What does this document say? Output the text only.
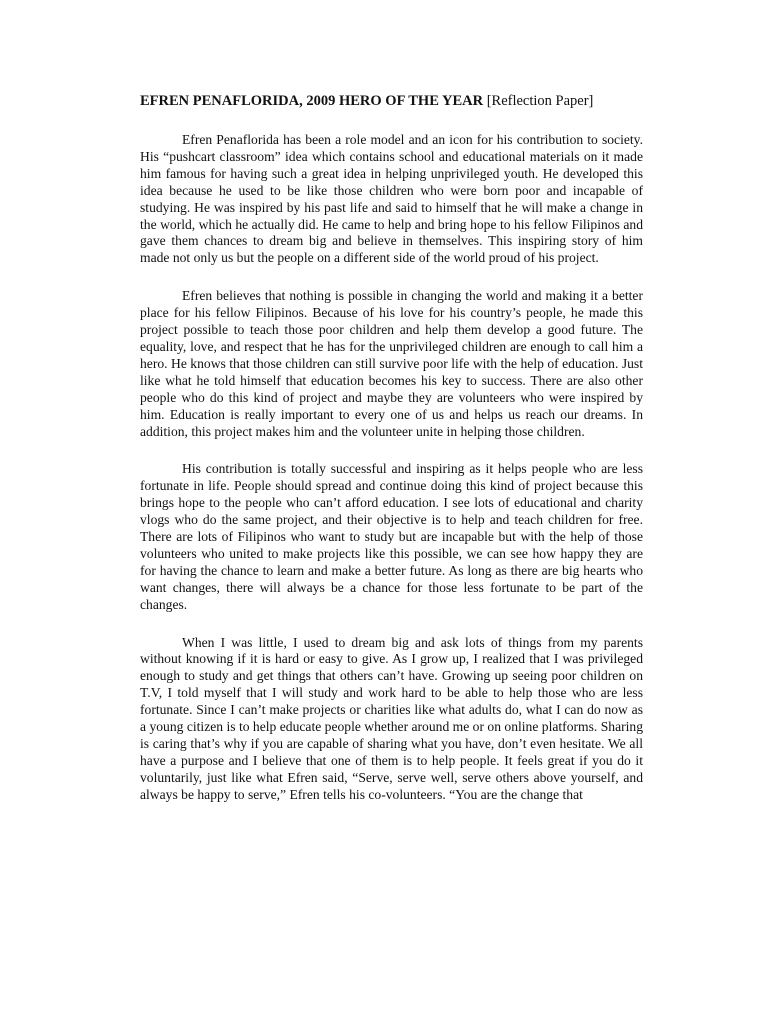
EFREN PENAFLORIDA, 2009 HERO OF THE YEAR [Reflection Paper]

Efren Penaflorida has been a role model and an icon for his contribution to society. His “pushcart classroom” idea which contains school and educational materials on it made him famous for having such a great idea in helping unprivileged youth. He developed this idea because he used to be like those children who were born poor and incapable of studying. He was inspired by his past life and said to himself that he will make a change in the world, which he actually did. He came to help and bring hope to his fellow Filipinos and gave them chances to dream big and believe in themselves. This inspiring story of him made not only us but the people on a different side of the world proud of his project.

Efren believes that nothing is possible in changing the world and making it a better place for his fellow Filipinos. Because of his love for his country’s people, he made this project possible to teach those poor children and help them develop a good future. The equality, love, and respect that he has for the unprivileged children are enough to call him a hero. He knows that those children can still survive poor life with the help of education. Just like what he told himself that education becomes his key to success. There are also other people who do this kind of project and maybe they are volunteers who were inspired by him. Education is really important to every one of us and helps us reach our dreams. In addition, this project makes him and the volunteer unite in helping those children.

His contribution is totally successful and inspiring as it helps people who are less fortunate in life. People should spread and continue doing this kind of project because this brings hope to the people who can’t afford education. I see lots of educational and charity vlogs who do the same project, and their objective is to help and teach children for free. There are lots of Filipinos who want to study but are incapable but with the help of those volunteers who united to make projects like this possible, we can see how happy they are for having the chance to learn and make a better future. As long as there are big hearts who want changes, there will always be a chance for those less fortunate to be part of the changes.

When I was little, I used to dream big and ask lots of things from my parents without knowing if it is hard or easy to give. As I grow up, I realized that I was privileged enough to study and get things that others can’t have. Growing up seeing poor children on T.V, I told myself that I will study and work hard to be able to help those who are less fortunate. Since I can’t make projects or charities like what adults do, what I can do now as a young citizen is to help educate people whether around me or on online platforms. Sharing is caring that’s why if you are capable of sharing what you have, don’t even hesitate. We all have a purpose and I believe that one of them is to help people. It feels great if you do it voluntarily, just like what Efren said, “Serve, serve well, serve others above yourself, and always be happy to serve,” Efren tells his co-volunteers. “You are the change that
